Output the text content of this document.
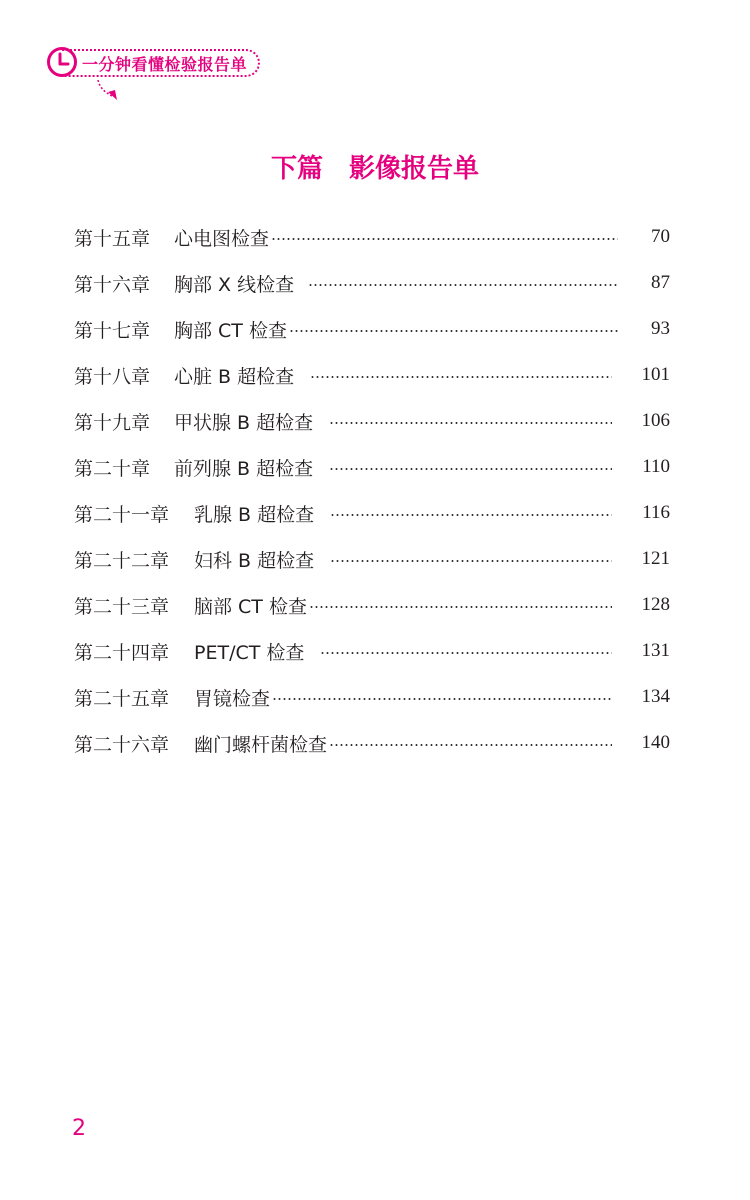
一分钟看懂检验报告单
下篇　影像报告单
第十五章	心电图检查	70
第十六章	胸部 X 线检查	87
第十七章	胸部 CT 检查	93
第十八章	心脏 B 超检查	101
第十九章	甲状腺 B 超检查	106
第二十章	前列腺 B 超检查	110
第二十一章	乳腺 B 超检查	116
第二十二章	妇科 B 超检查	121
第二十三章	脑部 CT 检查	128
第二十四章	PET/CT 检查	131
第二十五章	胃镜检查	134
第二十六章	幽门螺杆菌检查	140
2
